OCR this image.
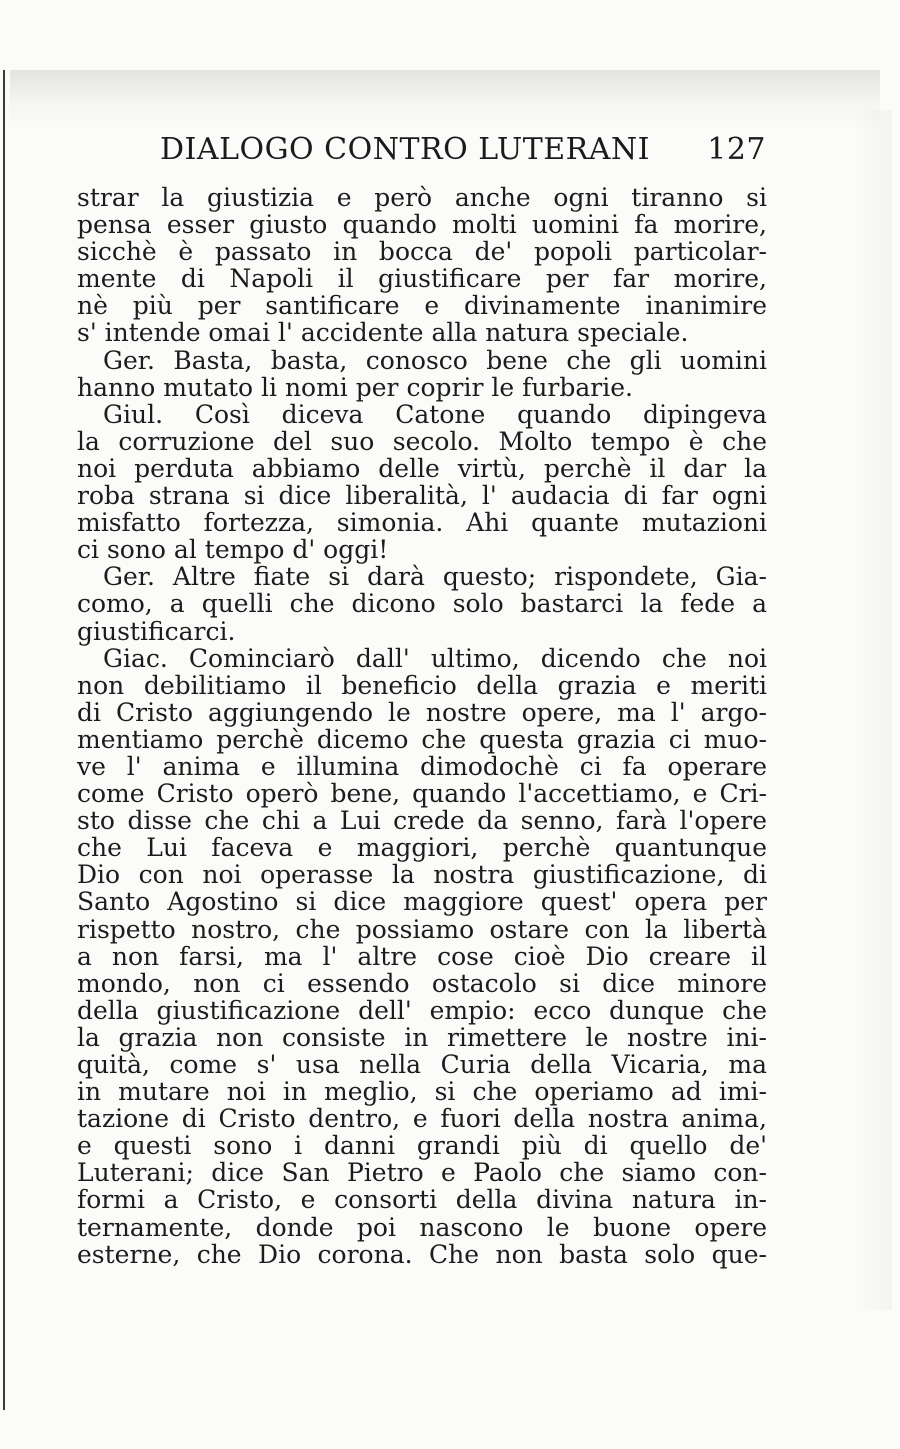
DIALOGO CONTRO LUTERANI 127
strar la giustizia e però anche ogni tiranno si
pensa esser giusto quando molti uomini fa morire,
sicchè è passato in bocca de' popoli particolar-
mente di Napoli il giustificare per far morire,
nè più per santificare e divinamente inanimire
s' intende omai l' accidente alla natura speciale.
Ger. Basta, basta, conosco bene che gli uomini
hanno mutato li nomi per coprir le furbarie.
Giul. Così diceva Catone quando dipingeva
la corruzione del suo secolo. Molto tempo è che
noi perduta abbiamo delle virtù, perchè il dar la
roba strana si dice liberalità, l' audacia di far ogni
misfatto fortezza, simonia. Ahi quante mutazioni
ci sono al tempo d' oggi!
Ger. Altre fiate si darà questo; rispondete, Gia-
como, a quelli che dicono solo bastarci la fede a
giustificarci.
Giac. Cominciarò dall' ultimo, dicendo che noi
non debilitiamo il beneficio della grazia e meriti
di Cristo aggiungendo le nostre opere, ma l' argo-
mentiamo perchè dicemo che questa grazia ci muo-
ve l' anima e illumina dimodochè ci fa operare
come Cristo operò bene, quando l'accettiamo, e Cri-
sto disse che chi a Lui crede da senno, farà l'opere
che Lui faceva e maggiori, perchè quantunque
Dio con noi operasse la nostra giustificazione, di
Santo Agostino si dice maggiore quest' opera per
rispetto nostro, che possiamo ostare con la libertà
a non farsi, ma l' altre cose cioè Dio creare il
mondo, non ci essendo ostacolo si dice minore
della giustificazione dell' empio: ecco dunque che
la grazia non consiste in rimettere le nostre ini-
quità, come s' usa nella Curia della Vicaria, ma
in mutare noi in meglio, si che operiamo ad imi-
tazione di Cristo dentro, e fuori della nostra anima,
e questi sono i danni grandi più di quello de'
Luterani; dice San Pietro e Paolo che siamo con-
formi a Cristo, e consorti della divina natura in-
ternamente, donde poi nascono le buone opere
esterne, che Dio corona. Che non basta solo que-
